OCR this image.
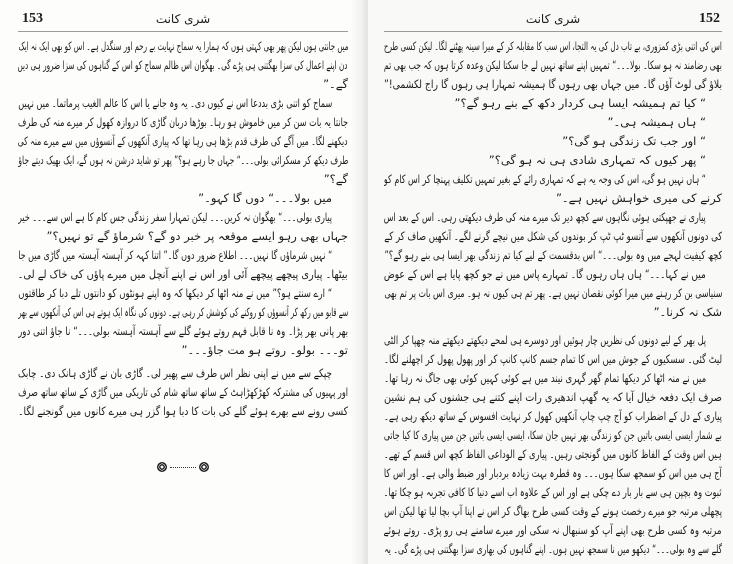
153	شری کانت
میں جانتی ہوں لیکن پھر بھی کہتی ہوں کہ ہمارا یہ سماج نہایت بے رحم اور سنگدل ہے۔ اس کو بھی ایک نہ ایک
دن اپنے اعمال کی سزا بھگتنی ہی پڑے گی۔ بھگوان اس ظالم سماج کو اس کے گناہوں کی سزا ضرور ہی دیں
گے۔”
سماج کو اتنی بڑی بددعا اس نے کیوں دی۔ یہ وہ جانے یا اس کا عالم الغیب پرماتما۔ میں نہیں
جانتا یہ بات سن کر میں خاموش ہو رہا۔ بوڑھا دربان گاڑی کا دروازہ کھول کر میرے منہ کی طرف
دیکھنے لگا۔ میں آگے کی طرف قدم بڑھا ہی رہا تھا کہ پیاری آنکھوں کے آنسوؤں میں سے میرے منہ کی
طرف دیکھ کر مسکرائی بولی۔۔۔“ جہاں جا رہے ہو؟” پھر تو شاید درشن نہ ہوں گے، ایک بھیک دیتے جاؤ
گے؟”
میں بولا۔۔۔“ دوں گا کہو۔”
پیاری بولی۔۔۔“ بھگوان نہ کریں۔۔۔ لیکن تمہارا سفر زندگی جس کام کا ہے اس سے۔۔۔ خیر
جہاں بھی رہو ایسے موقعہ پر خبر دو گے؟ شرماؤ گے تو نہیں؟”
“ نہیں شرماؤں گا نہیں۔۔۔ اطلاع ضرور دوں گا۔” اتنا کہہ کر آہستہ آہستہ میں گاڑی میں جا
بیٹھا۔ پیاری پیچھے پیچھے آئی اور اس نے اپنے آنچل میں میرے پاؤں کی خاک لے لی۔
“ ارے سنتے ہو؟” میں نے منہ اٹھا کر دیکھا کہ وہ اپنے ہونٹوں کو دانتوں تلے دبا کر طاقتوں
سے قابو میں رکھ کر آنسوؤں کو روکنے کی کوشش کر رہی ہے۔ دونوں کی نگاہ ایک ہوتے ہی اس کی آنکھوں سے بھر
بھر پانی بھر پڑا۔ وہ نا قابل فہم روتے ہوئے گلے سے آہستہ آہستہ بولی۔۔۔“ نا جاؤ اتنی دور
تو۔۔۔ بولو۔ روتے ہو مت جاؤ۔۔۔”
چپکے سے میں نے اپنی نظر اس طرف سے پھیر لی۔ گاڑی بان نے گاڑی ہانک دی۔ چابک
اور پہیوں کی مشترکہ کھڑکھڑاہٹ کے ساتھ ساتھ شام کی تاریکی میں گاڑی کے ساتھ ساتھ صرف
کسی رونے سے بھرے ہوئے گلے کی بات کا دبا ہوا گزر ہی میرے کانوں میں گونجنے لگا۔

شری کانت	152
اس کی اتنی بڑی کمزوری، بے تاب دل کی یہ التجا، اس سب کا مقابلہ کر کے میرا سینہ پھٹنے لگا۔ لیکن کسی طرح
بھی رضامند نہ ہو سکا۔ بولا۔۔۔“ تمہیں اپنے ساتھ نہیں لے جا سکتا لیکن وعدہ کرتا ہوں کہ جب بھی تم
بلاؤ گی لوٹ آؤں گا۔ میں جہاں بھی رہوں گا ہمیشہ تمہارا ہی رہوں گا راج لکشمی!”
“ کیا تم ہمیشہ ایسا ہی کردار دکھ کے بنے رہو گے؟”
“ ہاں ہمیشہ ہی۔”
“ اور جب تک زندگی ہو گی؟”
“ پھر کیوں کہ تمہاری شادی ہی نہ ہو گی؟”
“ ہاں نہیں ہو گی، اس کی وجہ یہ ہے کہ تمہاری رائے کے بغیر تمہیں تکلیف پہنچا کر اس کام کو
کرنے کی میری خواہش نہیں ہے۔”
پیاری نے جھپکتی ہوئی نگاہوں سے کچھ دیر تک میرے منہ کی طرف دیکھتی رہی۔ اس کے بعد اس
کی دونوں آنکھوں سے آنسو ٹپ ٹپ کر بوندوں کی شکل میں نیچے گرنے لگے۔ آنکھیں صاف کر کے
کچھ کیفیت لہجے میں وہ بولی۔۔۔“ اس بدقسمت کے لیے کیا تم زندگی بھر ایسا ہی بنے رہو گے؟”
میں نے کہا۔۔۔“ ہاں ہاں رہوں گا۔ تمہارے پاس میں نے جو کچھ پایا ہے اس کے عوض
سنیاسی بن کر رہنے میں میرا کوئی نقصان نہیں ہے۔ پھر تم ہی کیوں نہ ہو۔ میری اس بات پر تم بھی
شک نہ کرنا۔”
پل بھر کے لیے دونوں کی نظریں چار ہوئیں اور دوسرے ہی لمحے دیکھتے دیکھتے منہ چھپا کر الٹی
لیٹ گئی۔ سسکیوں کے جوش میں اس کا تمام جسم کانپ کانپ کر اور پھول پھول کر اچھلنے لگا۔
میں نے منہ اٹھا کر دیکھا تمام گھر گہری نیند میں ہے کوئی کہیں کوئی بھی جاگ نہ رہا تھا۔
صرف ایک دفعہ خیال آیا کہ یہ گھپ اندھیری رات اپنے کتنے ہی جشنوں کی ہم نشین
پیاری کے دل کے اضطراب کو آج چپ چاپ آنکھیں کھول کر نہایت افسوس کے ساتھ دیکھ رہی ہے۔
بے شمار ایسی ایسی باتیں جن کو زندگی بھر نہیں جان سکا، ایسی ایسی باتیں جن میں پیاری کا کیا جاتی
ہیں اس وقت کے الفاظ کانوں میں گونجتی رہیں۔ پیاری کے الوداعی الفاظ کچھ اس قسم کے تھے۔
آج ہی میں اس کو سمجھ سکا ہوں۔۔۔ وہ قطرہ بہت زیادہ بردبار اور ضبط والی ہے۔ اور اس کا
ثبوت وہ بچپن ہی سے بار بار دے چکی ہے اور اس کے علاوہ اب اسے دنیا کا کافی تجربہ ہو چکا تھا۔
پچھلی مرتبہ جو میرے رخصت ہونے کے وقت کسی طرح بھاگ کر اس نے اپنا آپ بچا لیا تھا لیکن اس
مرتبہ وہ کسی طرح بھی اپنے آپ کو سنبھال نہ سکی اور میرے سامنے ہی رو پڑی۔ روتے ہوئے
گلے سے وہ بولی۔۔۔“ دیکھو میں نا سمجھ نہیں ہوں۔ اپنے گناہوں کی بھاری سزا بھگتنی ہی پڑے گی۔ یہ
